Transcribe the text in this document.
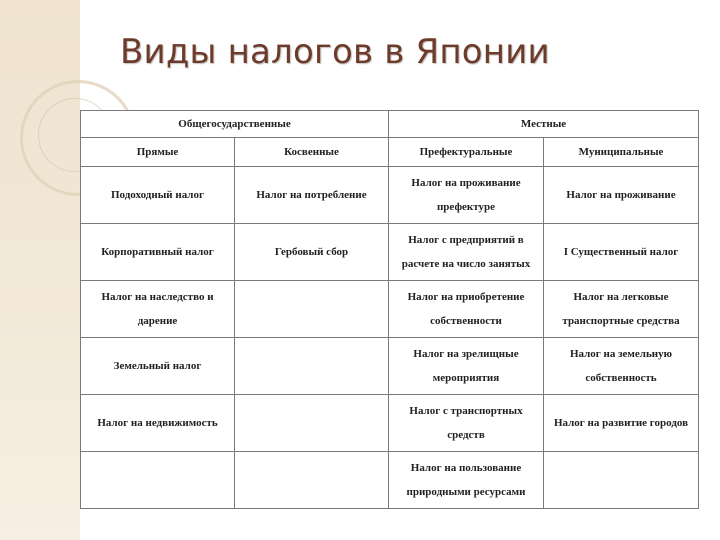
Виды налогов в Японии
Общегосударственные		Местные	
Прямые	Косвенные	Префектуральные	Муниципальные
Подоходный налог	Налог на потребление	Налог на проживание префектуре	Налог на проживание
Корпоративный налог	Гербовый сбор	Налог с предприятий в расчете на число занятых	I Существенный налог
Налог на наследство и дарение		Налог на приобретение собственности	Налог на легковые транспортные средства
Земельный налог		Налог на зрелищные мероприятия	Налог на земельную собственность
Налог на недвижимость		Налог с транспортных средств	Налог на развитие городов
		Налог на пользование природными ресурсами	
